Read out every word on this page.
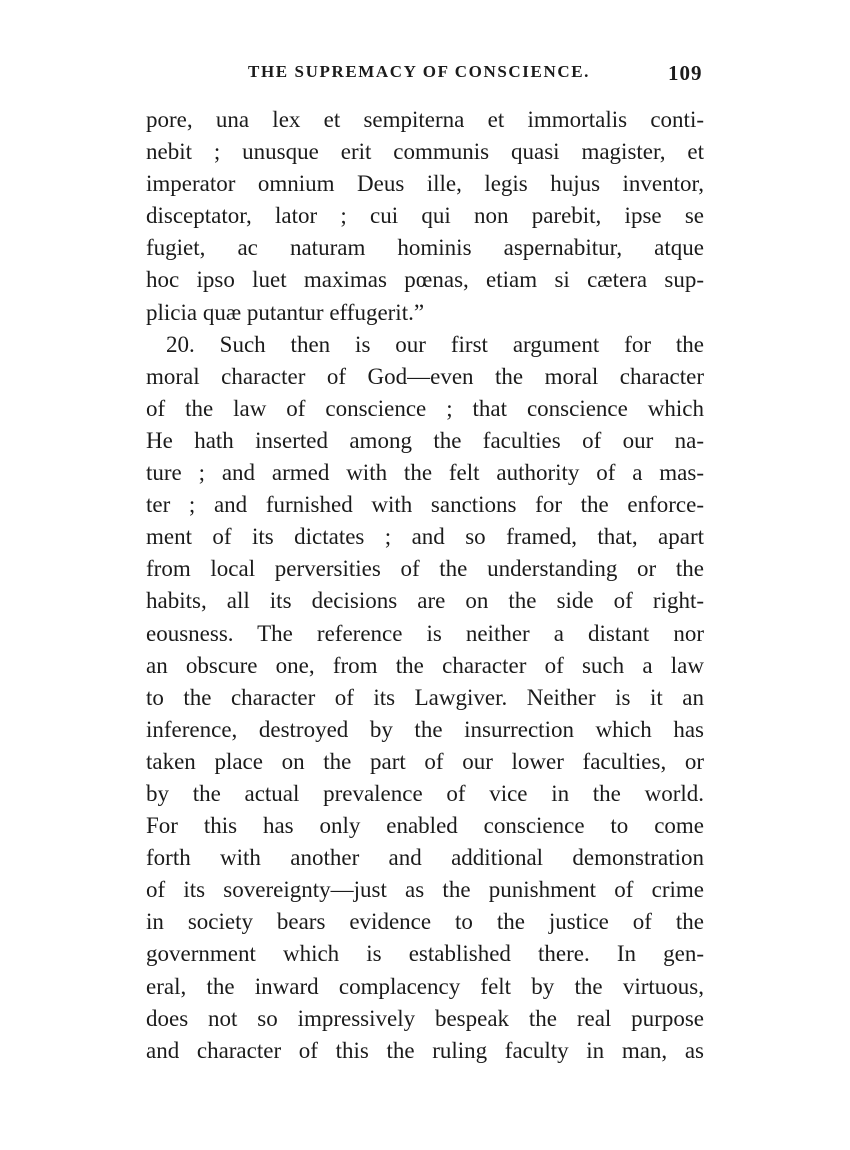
THE SUPREMACY OF CONSCIENCE.	109
pore, una lex et sempiterna et immortalis conti-
nebit ; unusque erit communis quasi magister, et
imperator omnium Deus ille, legis hujus inventor,
disceptator, lator ; cui qui non parebit, ipse se
fugiet, ac naturam hominis aspernabitur, atque
hoc ipso luet maximas pœnas, etiam si cætera sup-
plicia quæ putantur effugerit.”
20. Such then is our first argument for the
moral character of God—even the moral character
of the law of conscience ; that conscience which
He hath inserted among the faculties of our na-
ture ; and armed with the felt authority of a mas-
ter ; and furnished with sanctions for the enforce-
ment of its dictates ; and so framed, that, apart
from local perversities of the understanding or the
habits, all its decisions are on the side of right-
eousness. The reference is neither a distant nor
an obscure one, from the character of such a law
to the character of its Lawgiver. Neither is it an
inference, destroyed by the insurrection which has
taken place on the part of our lower faculties, or
by the actual prevalence of vice in the world.
For this has only enabled conscience to come
forth with another and additional demonstration
of its sovereignty—just as the punishment of crime
in society bears evidence to the justice of the
government which is established there. In gen-
eral, the inward complacency felt by the virtuous,
does not so impressively bespeak the real purpose
and character of this the ruling faculty in man, as
